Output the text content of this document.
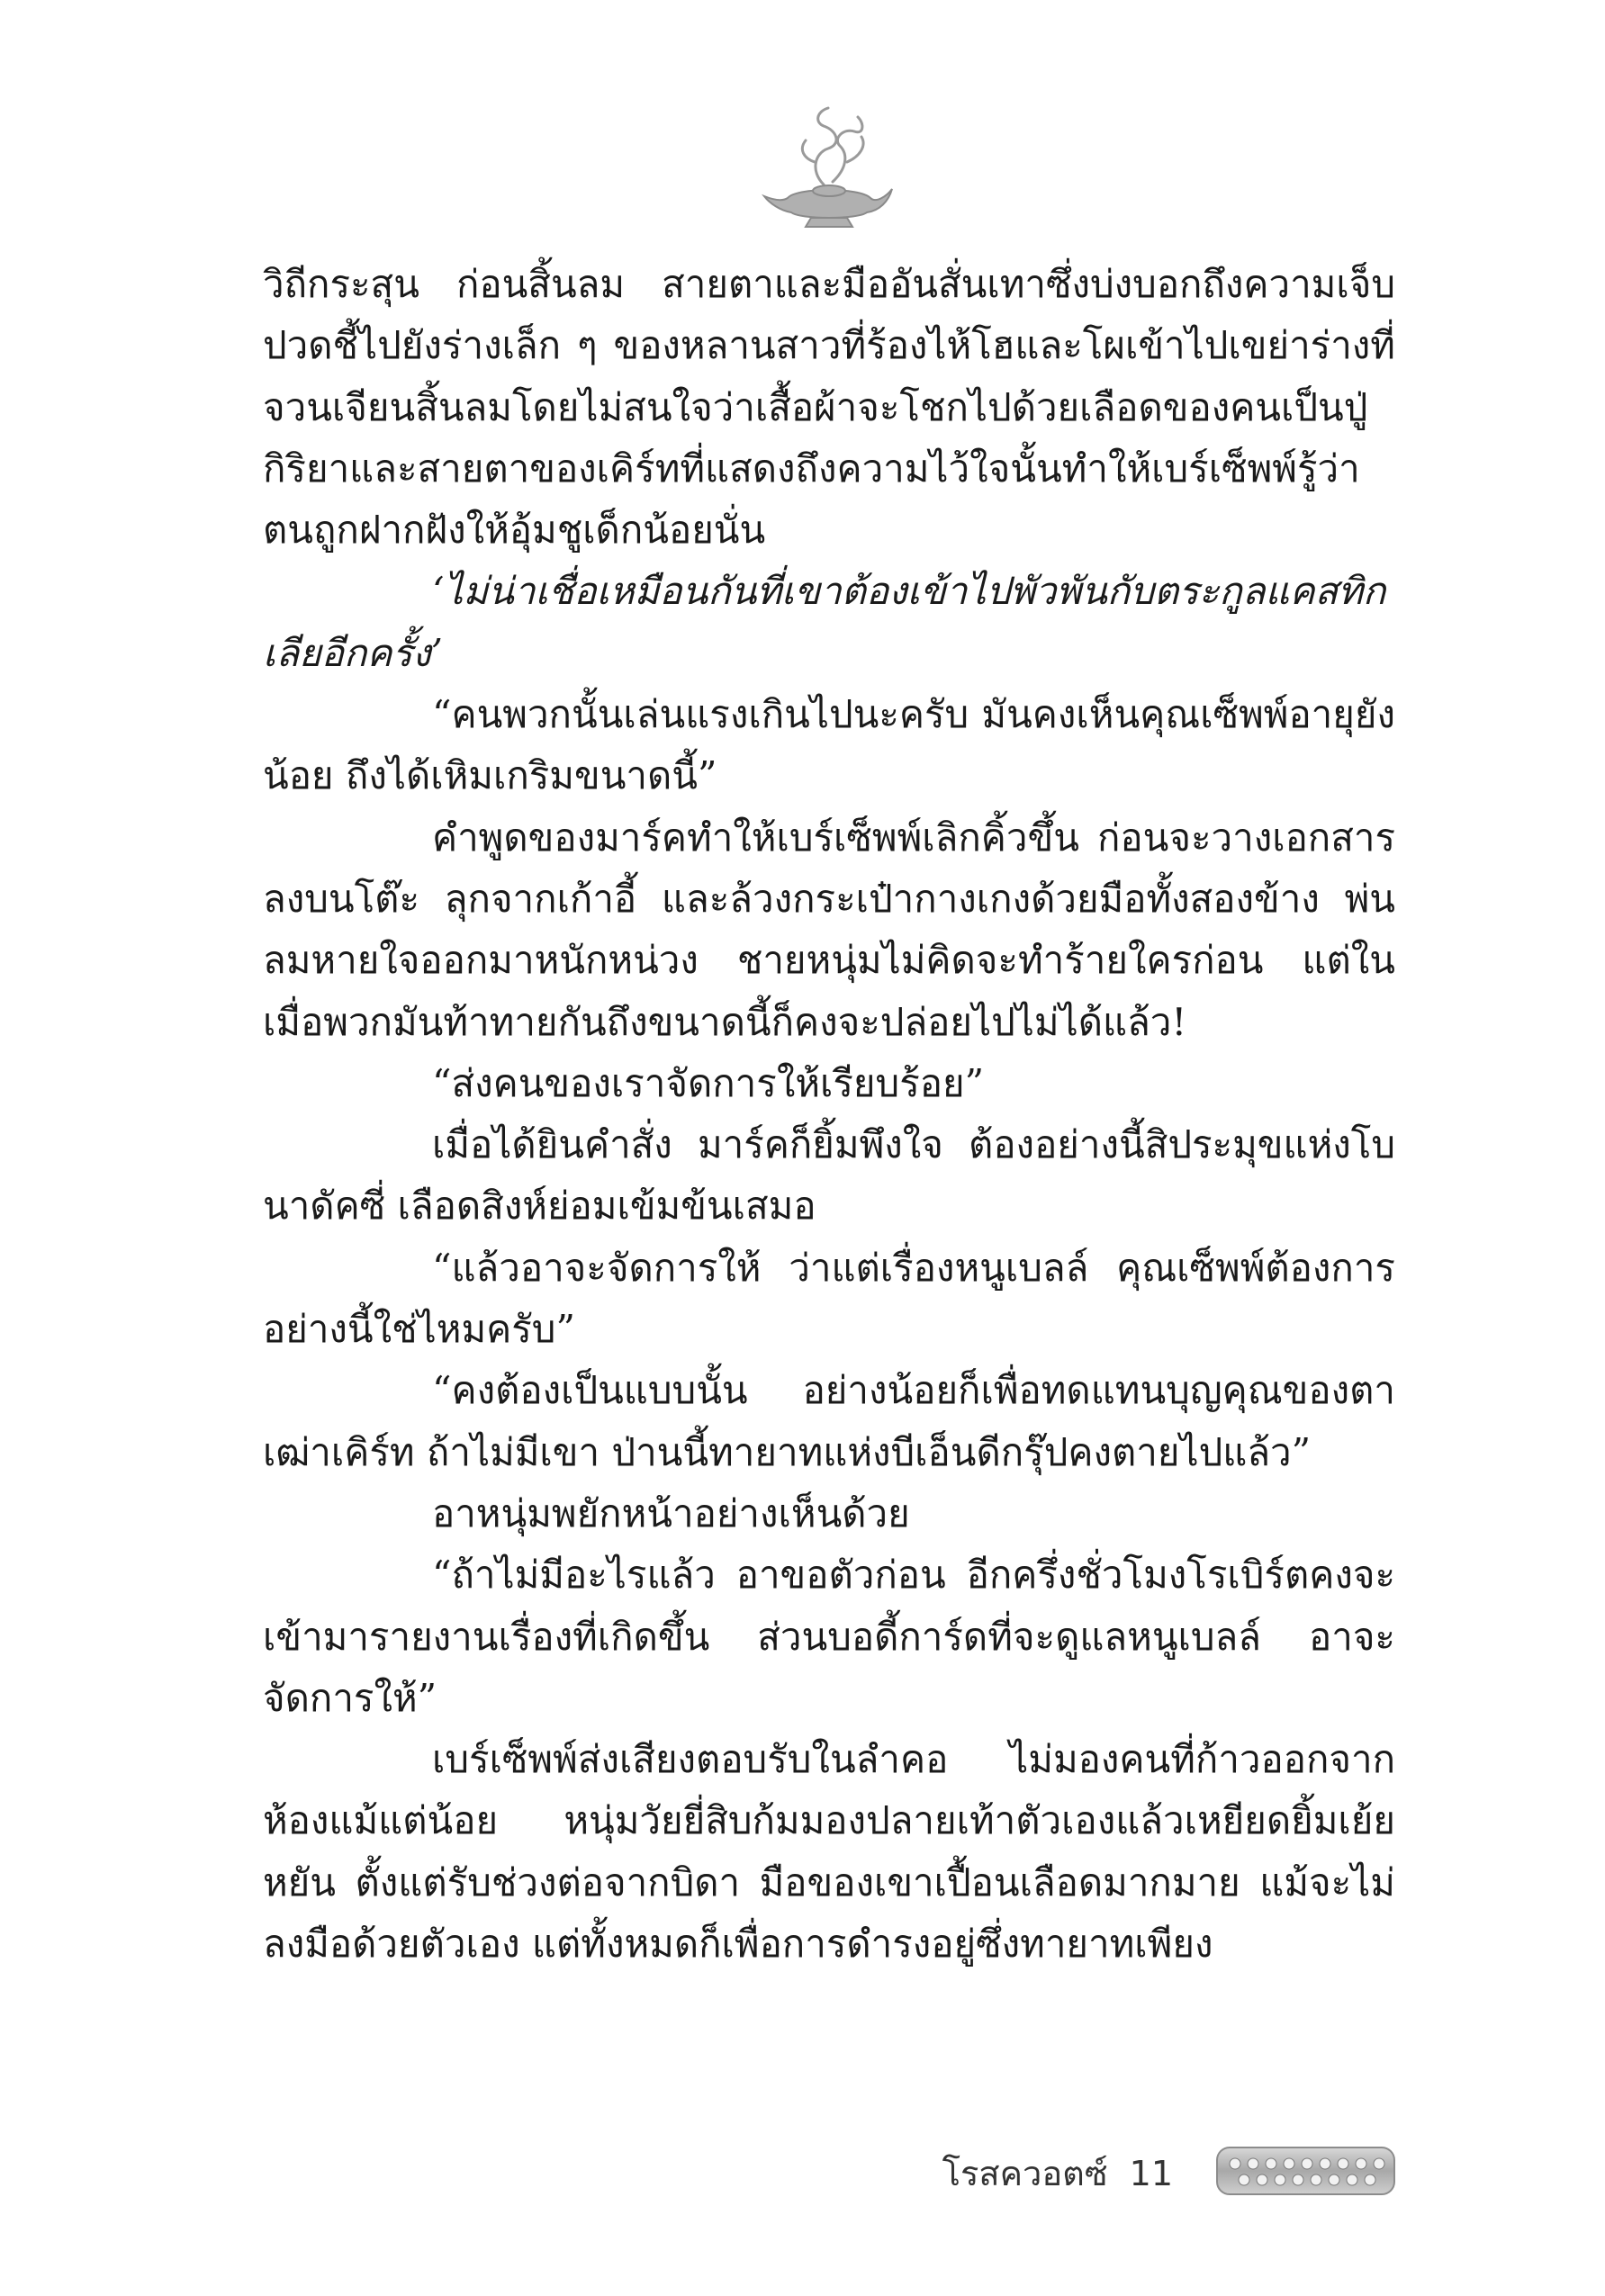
วิถีกระสุน ก่อนสิ้นลม สายตาและมืออันสั่นเทาซึ่งบ่งบอกถึงความเจ็บปวดชี้ไปยังร่างเล็ก ๆ ของหลานสาวที่ร้องไห้โฮและโผเข้าไปเขย่าร่างที่จวนเจียนสิ้นลมโดยไม่สนใจว่าเสื้อผ้าจะโชกไปด้วยเลือดของคนเป็นปู่ กิริยาและสายตาของเคิร์ทที่แสดงถึงความไว้ใจนั้นทำให้เบร์เซ็พพ์รู้ว่าตนถูกฝากฝังให้อุ้มชูเด็กน้อยนั่น

‘ไม่น่าเชื่อเหมือนกันที่เขาต้องเข้าไปพัวพันกับตระกูลแคสทิกเลียอีกครั้ง’

“คนพวกนั้นเล่นแรงเกินไปนะครับ มันคงเห็นคุณเซ็พพ์อายุยังน้อย ถึงได้เหิมเกริมขนาดนี้”

คำพูดของมาร์คทำให้เบร์เซ็พพ์เลิกคิ้วขึ้น ก่อนจะวางเอกสารลงบนโต๊ะ ลุกจากเก้าอี้ และล้วงกระเป๋ากางเกงด้วยมือทั้งสองข้าง พ่นลมหายใจออกมาหนักหน่วง ชายหนุ่มไม่คิดจะทำร้ายใครก่อน แต่ในเมื่อพวกมันท้าทายกันถึงขนาดนี้ก็คงจะปล่อยไปไม่ได้แล้ว!

“ส่งคนของเราจัดการให้เรียบร้อย”

เมื่อได้ยินคำสั่ง มาร์คก็ยิ้มพึงใจ ต้องอย่างนี้สิประมุขแห่งโบนาดัคซี่ เลือดสิงห์ย่อมเข้มข้นเสมอ

“แล้วอาจะจัดการให้ ว่าแต่เรื่องหนูเบลล์ คุณเซ็พพ์ต้องการอย่างนี้ใช่ไหมครับ”

“คงต้องเป็นแบบนั้น อย่างน้อยก็เพื่อทดแทนบุญคุณของตาเฒ่าเคิร์ท ถ้าไม่มีเขา ป่านนี้ทายาทแห่งบีเอ็นดีกรุ๊ปคงตายไปแล้ว”

อาหนุ่มพยักหน้าอย่างเห็นด้วย

“ถ้าไม่มีอะไรแล้ว อาขอตัวก่อน อีกครึ่งชั่วโมงโรเบิร์ตคงจะเข้ามารายงานเรื่องที่เกิดขึ้น ส่วนบอดี้การ์ดที่จะดูแลหนูเบลล์ อาจะจัดการให้”

เบร์เซ็พพ์ส่งเสียงตอบรับในลำคอ ไม่มองคนที่ก้าวออกจากห้องแม้แต่น้อย หนุ่มวัยยี่สิบก้มมองปลายเท้าตัวเองแล้วเหยียดยิ้มเย้ยหยัน ตั้งแต่รับช่วงต่อจากบิดา มือของเขาเปื้อนเลือดมากมาย แม้จะไม่ลงมือด้วยตัวเอง แต่ทั้งหมดก็เพื่อการดำรงอยู่ซึ่งทายาทเพียง

โรสควอตซ์ 11
